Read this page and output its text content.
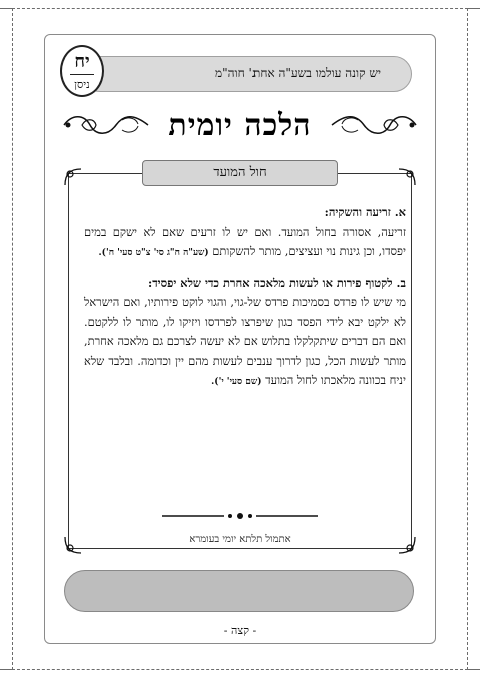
יש קונה עולמו בשע"ה אחת
ג' חוה"מ
יח
ניסן
הלכה יומית
חול המועד

א. זריעה והשקיה:
זריעה, אסורה בחול המועד. ואם יש לו זרעים שאם לא ישקם במים יפסדו, וכן גינות נוי ועציצים, מותר להשקותם (שע"ה ח"ג סי' צ"ט סעי' ח').

ב. לקטוף פירות או לעשות מלאכה אחרת כדי שלא יפסיד:
מי שיש לו פרדס בסמיכות פרדס של-גוי, והגוי לוקט פירותיו, ואם הישראל לא ילקט יבא לידי הפסד כגון שיפרצו לפרדסו ויזיקו לו, מותר לו ללקטם. ואם הם דברים שיתקלקלו בתלוש אם לא יעשה לצרכם גם מלאכה אחרת, מותר לעשות הכל, כגון לדרוך ענבים לעשות מהם יין וכדומה. ובלבד שלא יניח בכוונה מלאכתו לחול המועד (שם סעי' י').

אתמול תלתא יומי בעומרא
- קצה -
